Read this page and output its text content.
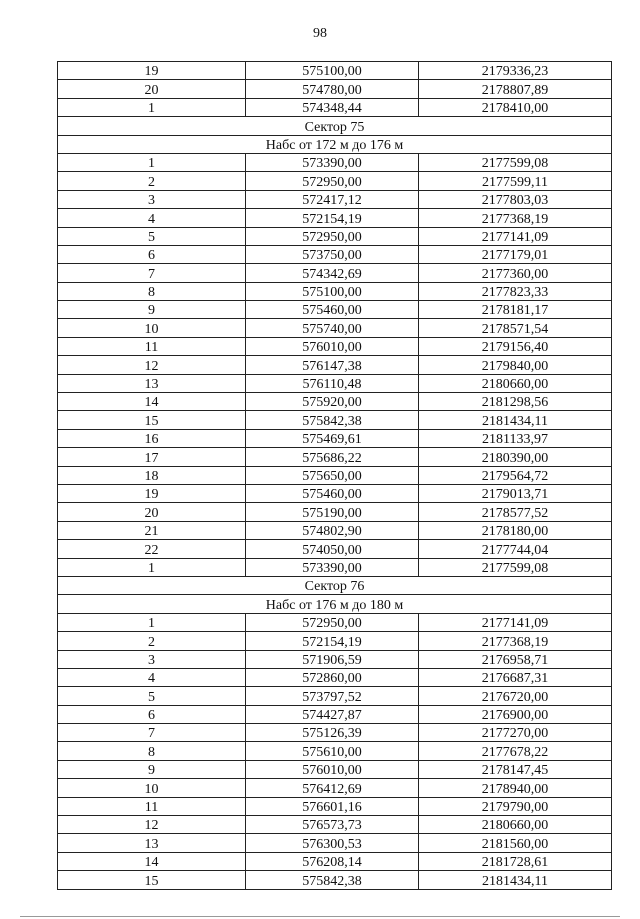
98
19	575100,00	2179336,23
20	574780,00	2178807,89
1	574348,44	2178410,00
Сектор 75		
Набс от 172 м до 176 м		
1	573390,00	2177599,08
2	572950,00	2177599,11
3	572417,12	2177803,03
4	572154,19	2177368,19
5	572950,00	2177141,09
6	573750,00	2177179,01
7	574342,69	2177360,00
8	575100,00	2177823,33
9	575460,00	2178181,17
10	575740,00	2178571,54
11	576010,00	2179156,40
12	576147,38	2179840,00
13	576110,48	2180660,00
14	575920,00	2181298,56
15	575842,38	2181434,11
16	575469,61	2181133,97
17	575686,22	2180390,00
18	575650,00	2179564,72
19	575460,00	2179013,71
20	575190,00	2178577,52
21	574802,90	2178180,00
22	574050,00	2177744,04
1	573390,00	2177599,08
Сектор 76		
Набс от 176 м до 180 м		
1	572950,00	2177141,09
2	572154,19	2177368,19
3	571906,59	2176958,71
4	572860,00	2176687,31
5	573797,52	2176720,00
6	574427,87	2176900,00
7	575126,39	2177270,00
8	575610,00	2177678,22
9	576010,00	2178147,45
10	576412,69	2178940,00
11	576601,16	2179790,00
12	576573,73	2180660,00
13	576300,53	2181560,00
14	576208,14	2181728,61
15	575842,38	2181434,11
